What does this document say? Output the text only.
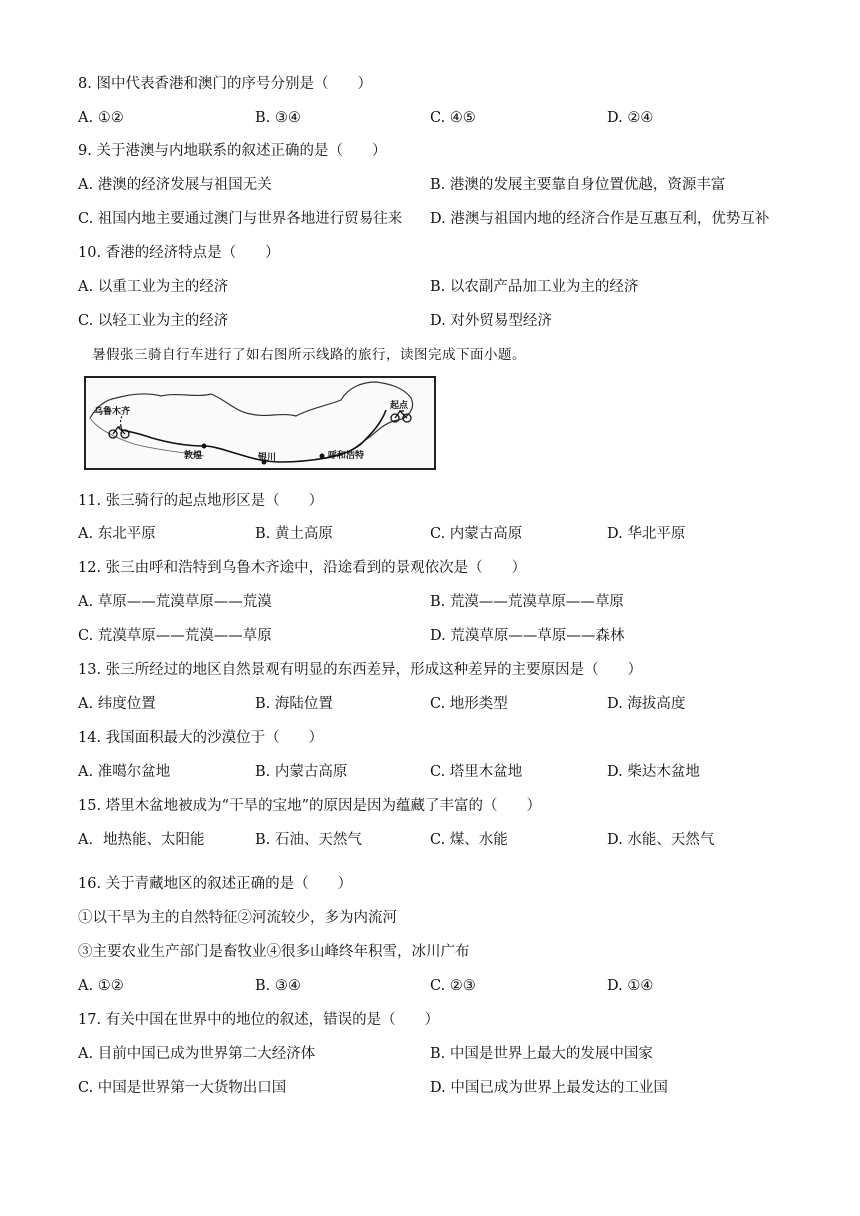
8. 图中代表香港和澳门的序号分别是（　　）
A. ①②	B. ③④	C. ④⑤	D. ②④
9. 关于港澳与内地联系的叙述正确的是（　　）
A. 港澳的经济发展与祖国无关	B. 港澳的发展主要靠自身位置优越，资源丰富
C. 祖国内地主要通过澳门与世界各地进行贸易往来 D. 港澳与祖国内地的经济合作是互惠互利，优势互补
10. 香港的经济特点是（　　）
A. 以重工业为主的经济	B. 以农副产品加工业为主的经济
C. 以轻工业为主的经济	D. 对外贸易型经济
暑假张三骑自行车进行了如右图所示线路的旅行，读图完成下面小题。
乌鲁木齐
起点
敦煌	银川	呼和浩特
11. 张三骑行的起点地形区是（　　）
A. 东北平原	B. 黄土高原	C. 内蒙古高原	D. 华北平原
12. 张三由呼和浩特到乌鲁木齐途中，沿途看到的景观依次是（　　）
A. 草原——荒漠草原——荒漠	B. 荒漠——荒漠草原——草原
C. 荒漠草原——荒漠——草原	D. 荒漠草原——草原——森林
13. 张三所经过的地区自然景观有明显的东西差异，形成这种差异的主要原因是（　　）
A. 纬度位置	B. 海陆位置	C. 地形类型	D. 海拔高度
14. 我国面积最大的沙漠位于（　　）
A. 准噶尔盆地	B. 内蒙古高原	C. 塔里木盆地	D. 柴达木盆地
15. 塔里木盆地被成为“干旱的宝地”的原因是因为蕴藏了丰富的（　　）
A．地热能、太阳能	B. 石油、天然气	C. 煤、水能	D. 水能、天然气
16. 关于青藏地区的叙述正确的是（　　）
①以干旱为主的自然特征②河流较少，多为内流河
③主要农业生产部门是畜牧业④很多山峰终年积雪，冰川广布
A. ①②	B. ③④	C. ②③	D. ①④
17. 有关中国在世界中的地位的叙述，错误的是（　　）
A. 目前中国已成为世界第二大经济体	B. 中国是世界上最大的发展中国家
C. 中国是世界第一大货物出口国	D. 中国已成为世界上最发达的工业国
